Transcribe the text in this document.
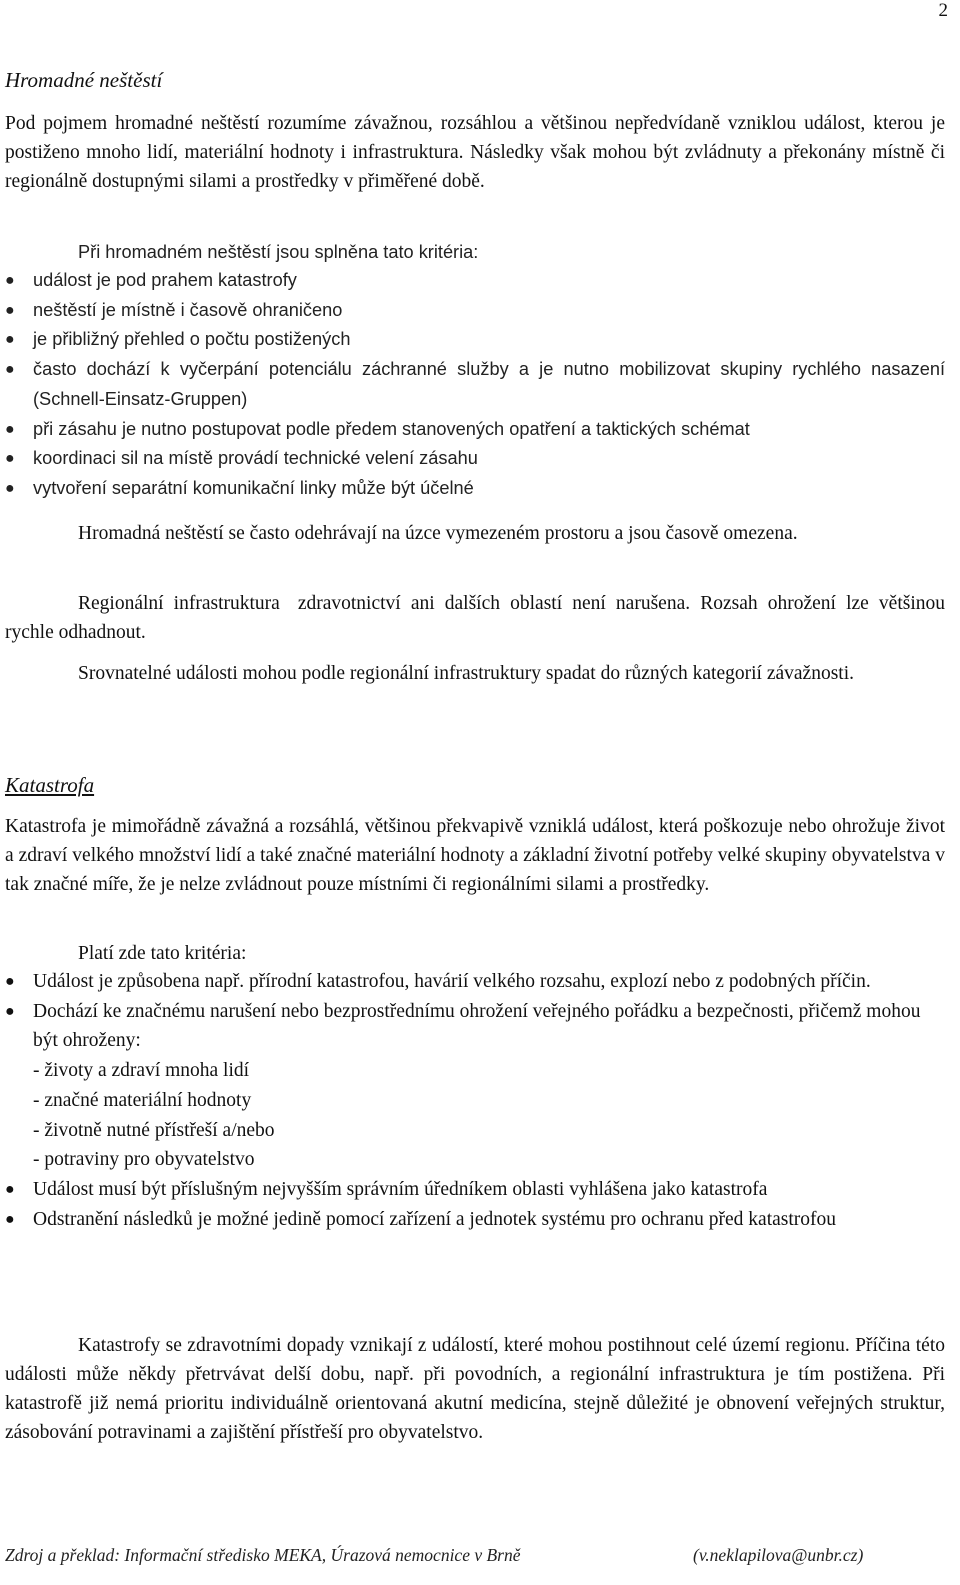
2
Hromadné neštěstí

Pod pojmem hromadné neštěstí rozumíme závažnou, rozsáhlou a většinou nepředvídaně vzniklou událost, kterou je postiženo mnoho lidí, materiální hodnoty i infrastruktura. Následky však mohou být zvládnuty a překonány místně či regionálně dostupnými silami a prostředky v přiměřené době.

Při hromadném neštěstí jsou splněna tato kritéria:

●	událost je pod prahem katastrofy
●	neštěstí je místně i časově ohraničeno
●	je přibližný přehled o počtu postižených
●	často dochází k vyčerpání potenciálu záchranné služby a je nutno mobilizovat skupiny rychlého nasazení (Schnell-Einsatz-Gruppen)
●	při zásahu je nutno postupovat podle předem stanovených opatření a taktických schémat
●	koordinaci sil na místě provádí technické velení zásahu
●	vytvoření separátní komunikační linky může být účelné

Hromadná neštěstí se často odehrávají na úzce vymezeném prostoru a jsou časově omezena.

Regionální infrastruktura zdravotnictví ani dalších oblastí není narušena. Rozsah ohrožení lze většinou rychle odhadnout.

Srovnatelné události mohou podle regionální infrastruktury spadat do různých kategorií závažnosti.

Katastrofa

Katastrofa je mimořádně závažná a rozsáhlá, většinou překvapivě vzniklá událost, která poškozuje nebo ohrožuje život a zdraví velkého množství lidí a také značné materiální hodnoty a základní životní potřeby velké skupiny obyvatelstva v tak značné míře, že je nelze zvládnout pouze místními či regionálními silami a prostředky.

Platí zde tato kritéria:

● Událost je způsobena např. přírodní katastrofou, havárií velkého rozsahu, explozí nebo z podobných příčin.
● Dochází ke značnému narušení nebo bezprostřednímu ohrožení veřejného pořádku a bezpečnosti, přičemž mohou být ohroženy:
- životy a zdraví mnoha lidí
- značné materiální hodnoty
- životně nutné přístřeší a/nebo
- potraviny pro obyvatelstvo
● Událost musí být příslušným nejvyšším správním úředníkem oblasti vyhlášena jako katastrofa
● Odstranění následků je možné jedině pomocí zařízení a jednotek systému pro ochranu před katastrofou

Katastrofy se zdravotními dopady vznikají z událostí, které mohou postihnout celé území regionu. Příčina této události může někdy přetrvávat delší dobu, např. při povodních, a regionální infrastruktura je tím postižena. Při katastrofě již nemá prioritu individuálně orientovaná akutní medicína, stejně důležité je obnovení veřejných struktur, zásobování potravinami a zajištění přístřeší pro obyvatelstvo.

Zdroj a překlad: Informační středisko MEKA, Úrazová nemocnice v Brně	(v.neklapilova@unbr.cz)
